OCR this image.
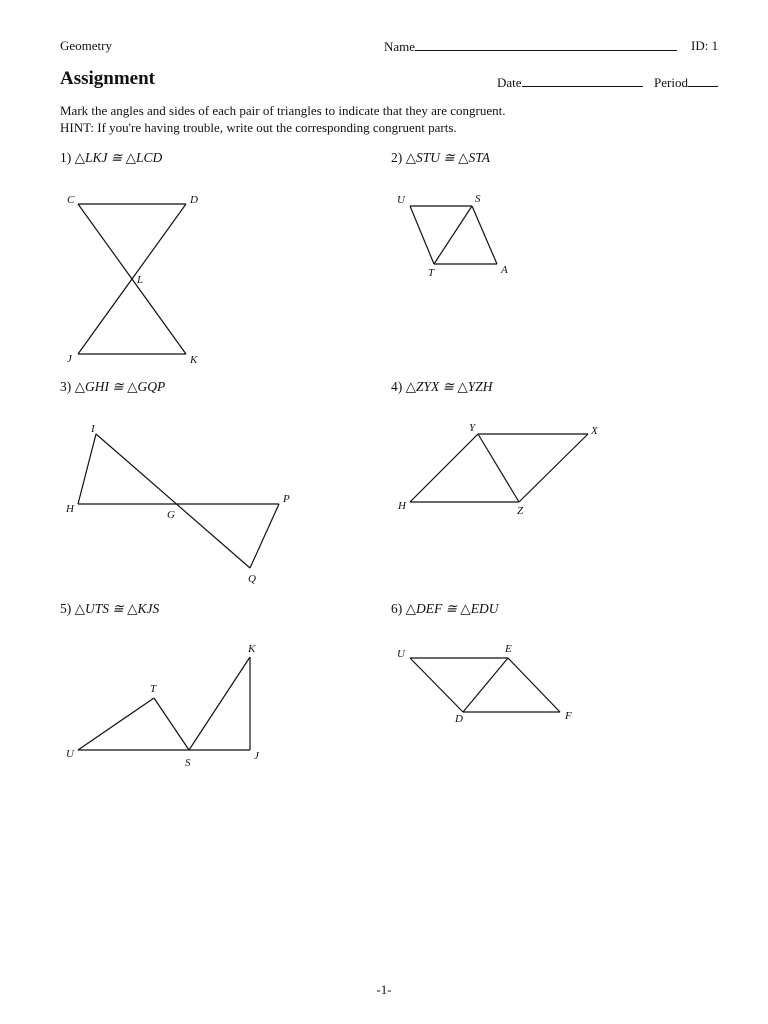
Geometry	Name	ID: 1
Assignment	Date	Period
Mark the angles and sides of each pair of triangles to indicate that they are congruent.
HINT: If you're having trouble, write out the corresponding congruent parts.
1) △LKJ ≅ △LCD	2) △STU ≅ △STA
3) △GHI ≅ △GQP	4) △ZYX ≅ △YZH
5) △UTS ≅ △KJS	6) △DEF ≅ △EDU
C	D
L
J	K
U	S
T	A
I
H	G
P
Q
Y	X
H	Z
K
T
U
S
J
U	E
D	F
-1-
